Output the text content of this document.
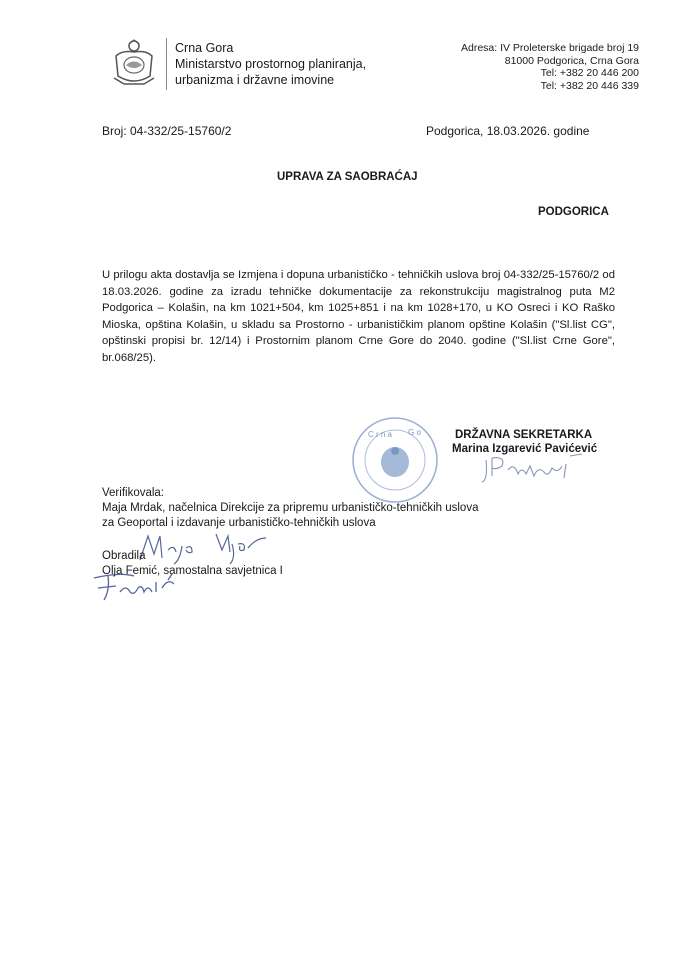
Crna Gora
Ministarstvo prostornog planiranja,
urbanizma i državne imovine
Adresa: IV Proleterske brigade broj 19
81000 Podgorica, Crna Gora
Tel: +382 20 446 200
Tel: +382 20 446 339
Broj: 04-332/25-15760/2	Podgorica, 18.03.2026. godine
UPRAVA ZA SAOBRAĆAJ
PODGORICA
U prilogu akta dostavlja se Izmjena i dopuna urbanističko - tehničkih uslova broj 04-332/25-15760/2 od 18.03.2026. godine za izradu tehničke dokumentacije za rekonstrukciju magistralnog puta M2 Podgorica – Kolašin, na km 1021+504, km 1025+851 i na km 1028+170, u KO Osreci i KO Raško Mioska, opština Kolašin, u skladu sa Prostorno - urbanističkim planom opštine Kolašin ("Sl.list CG", opštinski propisi br. 12/14) i Prostornim planom Crne Gore do 2040. godine ("Sl.list Crne Gore", br.068/25).
C r n a G o	DRŽAVNA SEKRETARKA
Marina Izgarević Pavićević
Verifikovala:
Maja Mrdak, načelnica Direkcije za pripremu urbanističko-tehničkih uslova
za Geoportal i izdavanje urbanističko-tehničkih uslova
Obradila
Olja Femić, samostalna savjetnica I
